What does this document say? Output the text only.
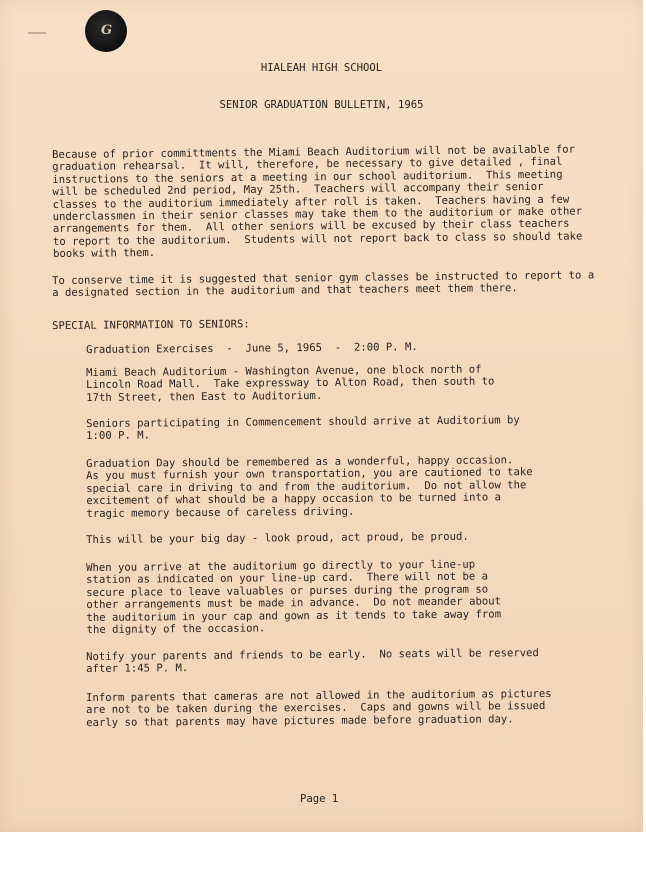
G
HIALEAH HIGH SCHOOL
SENIOR GRADUATION BULLETIN, 1965
Because of prior committments the Miami Beach Auditorium will not be available for
graduation rehearsal.  It will, therefore, be necessary to give detailed , final
instructions to the seniors at a meeting in our school auditorium.  This meeting
will be scheduled 2nd period, May 25th.  Teachers will accompany their senior
classes to the auditorium immediately after roll is taken.  Teachers having a few
underclassmen in their senior classes may take them to the auditorium or make other
arrangements for them.  All other seniors will be excused by their class teachers
to report to the auditorium.  Students will not report back to class so should take
books with them.
To conserve time it is suggested that senior gym classes be instructed to report to a
a designated section in the auditorium and that teachers meet them there.
SPECIAL INFORMATION TO SENIORS:
Graduation Exercises  -  June 5, 1965  -  2:00 P. M.
Miami Beach Auditorium - Washington Avenue, one block north of
Lincoln Road Mall.  Take expressway to Alton Road, then south to
17th Street, then East to Auditorium.
Seniors participating in Commencement should arrive at Auditorium by
1:00 P. M.
Graduation Day should be remembered as a wonderful, happy occasion.
As you must furnish your own transportation, you are cautioned to take
special care in driving to and from the auditorium.  Do not allow the
excitement of what should be a happy occasion to be turned into a
tragic memory because of careless driving.
This will be your big day - look proud, act proud, be proud.
When you arrive at the auditorium go directly to your line-up
station as indicated on your line-up card.  There will not be a
secure place to leave valuables or purses during the program so
other arrangements must be made in advance.  Do not meander about
the auditorium in your cap and gown as it tends to take away from
the dignity of the occasion.
Notify your parents and friends to be early.  No seats will be reserved
after 1:45 P. M.
Inform parents that cameras are not allowed in the auditorium as pictures
are not to be taken during the exercises.  Caps and gowns will be issued
early so that parents may have pictures made before graduation day.
Page 1
